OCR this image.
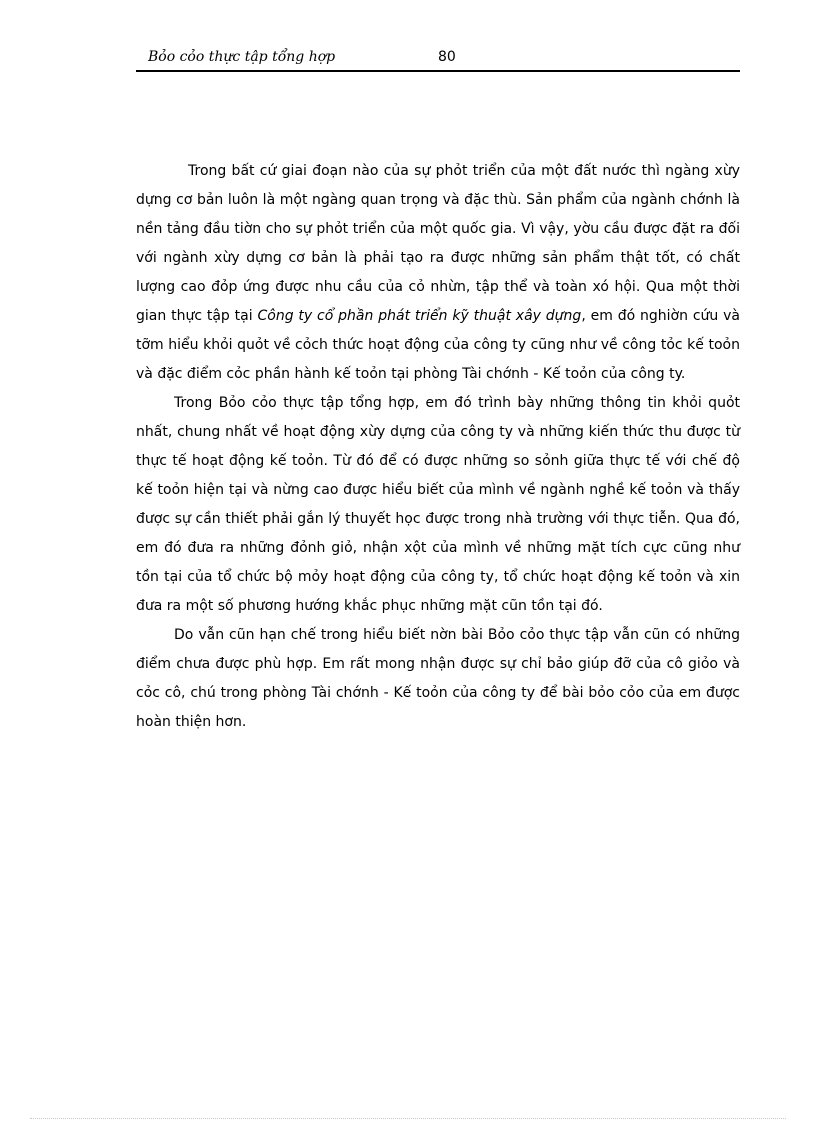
Bỏo cỏo thực tập tổng hợp	80

Trong bất cứ giai đoạn nào của sự phỏt triển của một đất nước thì ngàng xừy dựng cơ bản luôn là một ngàng quan trọng và đặc thù. Sản phẩm của ngành chớnh là nền tảng đầu tiờn cho sự phỏt triển của một quốc gia. Vì vậy, yờu cầu được đặt ra đối với ngành xừy dựng cơ bản là phải tạo ra được những sản phẩm thật tốt, có chất lượng cao đỏp ứng được nhu cầu của cỏ nhừn, tập thể và toàn xó hội. Qua một thời gian thực tập tại Công ty cổ phần phát triển kỹ thuật xây dựng, em đó nghiờn cứu và tỡm hiểu khỏi quỏt về cỏch thức hoạt động của công ty cũng như về công tỏc kế toỏn và đặc điểm cỏc phần hành kế toỏn tại phòng Tài chớnh - Kế toỏn của công ty.

Trong Bỏo cỏo thực tập tổng hợp, em đó trình bày những thông tin khỏi quỏt nhất, chung nhất về hoạt động xừy dựng của công ty và những kiến thức thu được từ thực tế hoạt động kế toỏn. Từ đó để có được những so sỏnh giữa thực tế với chế độ kế toỏn hiện tại và nừng cao được hiểu biết của mình về ngành nghề kế toỏn và thấy được sự cần thiết phải gắn lý thuyết học được trong nhà trường với thực tiễn. Qua đó, em đó đưa ra những đỏnh giỏ, nhận xột của mình về những mặt tích cực cũng như tồn tại của tổ chức bộ mỏy hoạt động của công ty, tổ chức hoạt động kế toỏn và xin đưa ra một số phương hướng khắc phục những mặt cũn tồn tại đó.

Do vẫn cũn hạn chế trong hiểu biết nờn bài Bỏo cỏo thực tập vẫn cũn có những điểm chưa được phù hợp. Em rất mong nhận được sự chỉ bảo giúp đỡ của cô giỏo và cỏc cô, chú trong phòng Tài chớnh - Kế toỏn của công ty để bài bỏo cỏo của em được hoàn thiện hơn.
